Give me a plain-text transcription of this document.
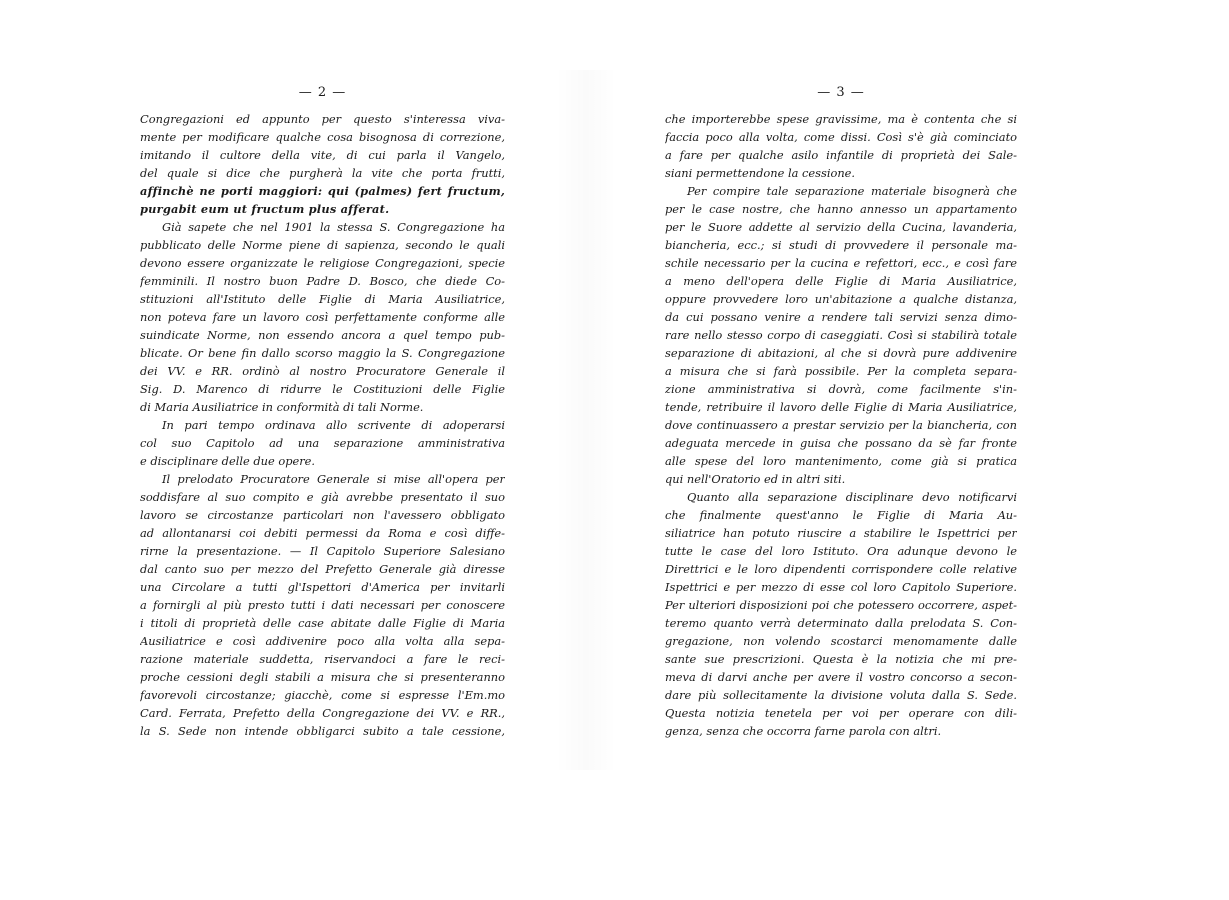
— 2 —
Congregazioni ed appunto per questo s'interessa viva-
mente per modificare qualche cosa bisognosa di correzione,
imitando il cultore della vite, di cui parla il Vangelo,
del quale si dice che purgherà la vite che porta frutti,
affinchè ne porti maggiori: qui (palmes) fert fructum,
purgabit eum ut fructum plus afferat.
Già sapete che nel 1901 la stessa S. Congregazione ha
pubblicato delle Norme piene di sapienza, secondo le quali
devono essere organizzate le religiose Congregazioni, specie
femminili. Il nostro buon Padre D. Bosco, che diede Co-
stituzioni all'Istituto delle Figlie di Maria Ausiliatrice,
non poteva fare un lavoro così perfettamente conforme alle
suindicate Norme, non essendo ancora a quel tempo pub-
blicate. Or bene fin dallo scorso maggio la S. Congregazione
dei VV. e RR. ordinò al nostro Procuratore Generale il
Sig. D. Marenco di ridurre le Costituzioni delle Figlie
di Maria Ausiliatrice in conformità di tali Norme.
In pari tempo ordinava allo scrivente di adoperarsi
col suo Capitolo ad una separazione amministrativa
e disciplinare delle due opere.
Il prelodato Procuratore Generale si mise all'opera per
soddisfare al suo compito e già avrebbe presentato il suo
lavoro se circostanze particolari non l'avessero obbligato
ad allontanarsi coi debiti permessi da Roma e così diffe-
rirne la presentazione. — Il Capitolo Superiore Salesiano
dal canto suo per mezzo del Prefetto Generale già diresse
una Circolare a tutti gl'Ispettori d'America per invitarli
a fornirgli al più presto tutti i dati necessari per conoscere
i titoli di proprietà delle case abitate dalle Figlie di Maria
Ausiliatrice e così addivenire poco alla volta alla sepa-
razione materiale suddetta, riservandoci a fare le reci-
proche cessioni degli stabili a misura che si presenteranno
favorevoli circostanze; giacchè, come si espresse l'Em.mo
Card. Ferrata, Prefetto della Congregazione dei VV. e RR.,
la S. Sede non intende obbligarci subito a tale cessione,
— 3 —
che importerebbe spese gravissime, ma è contenta che si
faccia poco alla volta, come dissi. Così s'è già cominciato
a fare per qualche asilo infantile di proprietà dei Sale-
siani permettendone la cessione.
Per compire tale separazione materiale bisognerà che
per le case nostre, che hanno annesso un appartamento
per le Suore addette al servizio della Cucina, lavanderia,
biancheria, ecc.; si studi di provvedere il personale ma-
schile necessario per la cucina e refettori, ecc., e così fare
a meno dell'opera delle Figlie di Maria Ausiliatrice,
oppure provvedere loro un'abitazione a qualche distanza,
da cui possano venire a rendere tali servizi senza dimo-
rare nello stesso corpo di caseggiati. Così si stabilirà totale
separazione di abitazioni, al che si dovrà pure addivenire
a misura che si farà possibile. Per la completa separa-
zione amministrativa si dovrà, come facilmente s'in-
tende, retribuire il lavoro delle Figlie di Maria Ausiliatrice,
dove continuassero a prestar servizio per la biancheria, con
adeguata mercede in guisa che possano da sè far fronte
alle spese del loro mantenimento, come già si pratica
qui nell'Oratorio ed in altri siti.
Quanto alla separazione disciplinare devo notificarvi
che finalmente quest'anno le Figlie di Maria Au-
siliatrice han potuto riuscire a stabilire le Ispettrici per
tutte le case del loro Istituto. Ora adunque devono le
Direttrici e le loro dipendenti corrispondere colle relative
Ispettrici e per mezzo di esse col loro Capitolo Superiore.
Per ulteriori disposizioni poi che potessero occorrere, aspet-
teremo quanto verrà determinato dalla prelodata S. Con-
gregazione, non volendo scostarci menomamente dalle
sante sue prescrizioni. Questa è la notizia che mi pre-
meva di darvi anche per avere il vostro concorso a secon-
dare più sollecitamente la divisione voluta dalla S. Sede.
Questa notizia tenetela per voi per operare con dili-
genza, senza che occorra farne parola con altri.
